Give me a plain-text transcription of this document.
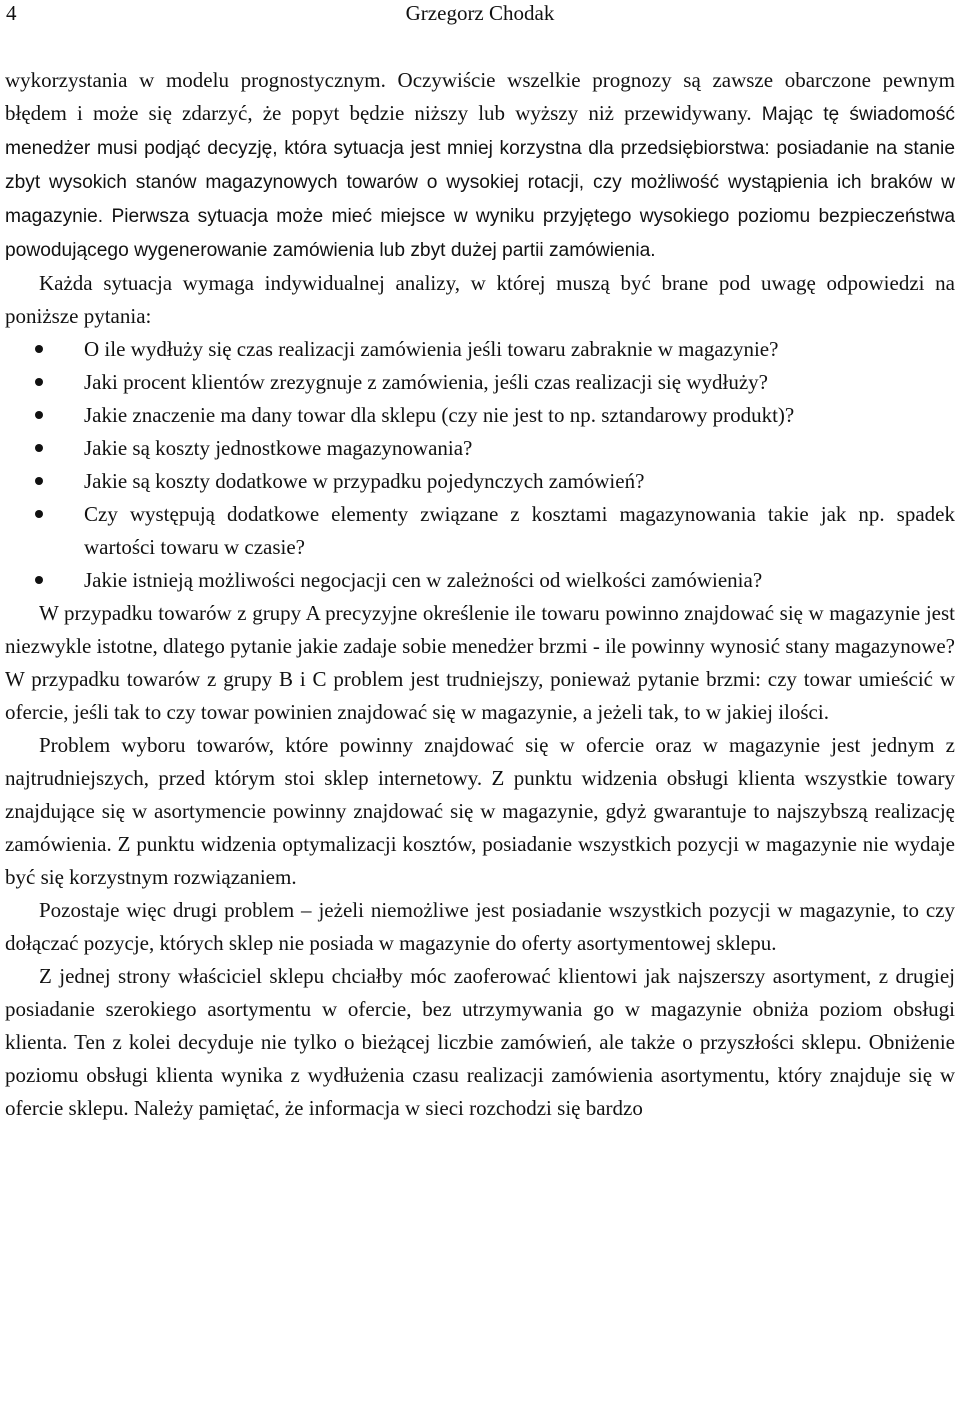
4	Grzegorz Chodak

wykorzystania w modelu prognostycznym. Oczywiście wszelkie prognozy są zawsze obarczone pewnym błędem i może się zdarzyć, że popyt będzie niższy lub wyższy niż przewidywany. Mając tę świadomość menedżer musi podjąć decyzję, która sytuacja jest mniej korzystna dla przedsiębiorstwa: posiadanie na stanie zbyt wysokich stanów magazynowych towarów o wysokiej rotacji, czy możliwość wystąpienia ich braków w magazynie. Pierwsza sytuacja może mieć miejsce w wyniku przyjętego wysokiego poziomu bezpieczeństwa powodującego wygenerowanie zamówienia lub zbyt dużej partii zamówienia.

Każda sytuacja wymaga indywidualnej analizy, w której muszą być brane pod uwagę odpowiedzi na poniższe pytania:

O ile wydłuży się czas realizacji zamówienia jeśli towaru zabraknie w magazynie?
Jaki procent klientów zrezygnuje z zamówienia, jeśli czas realizacji się wydłuży?
Jakie znaczenie ma dany towar dla sklepu (czy nie jest to np. sztandarowy produkt)?
Jakie są koszty jednostkowe magazynowania?
Jakie są koszty dodatkowe w przypadku pojedynczych zamówień?
Czy występują dodatkowe elementy związane z kosztami magazynowania takie jak np. spadek wartości towaru w czasie?
Jakie istnieją możliwości negocjacji cen w zależności od wielkości zamówienia?

W przypadku towarów z grupy A precyzyjne określenie ile towaru powinno znajdować się w magazynie jest niezwykle istotne, dlatego pytanie jakie zadaje sobie menedżer brzmi - ile powinny wynosić stany magazynowe? W przypadku towarów z grupy B i C problem jest trudniejszy, ponieważ pytanie brzmi: czy towar umieścić w ofercie, jeśli tak to czy towar powinien znajdować się w magazynie, a jeżeli tak, to w jakiej ilości.

Problem wyboru towarów, które powinny znajdować się w ofercie oraz w magazynie jest jednym z najtrudniejszych, przed którym stoi sklep internetowy. Z punktu widzenia obsługi klienta wszystkie towary znajdujące się w asortymencie powinny znajdować się w magazynie, gdyż gwarantuje to najszybszą realizację zamówienia. Z punktu widzenia optymalizacji kosztów, posiadanie wszystkich pozycji w magazynie nie wydaje być się korzystnym rozwiązaniem.

Pozostaje więc drugi problem – jeżeli niemożliwe jest posiadanie wszystkich pozycji w magazynie, to czy dołączać pozycje, których sklep nie posiada w magazynie do oferty asortymentowej sklepu.

Z jednej strony właściciel sklepu chciałby móc zaoferować klientowi jak najszerszy asortyment, z drugiej posiadanie szerokiego asortymentu w ofercie, bez utrzymywania go w magazynie obniża poziom obsługi klienta. Ten z kolei decyduje nie tylko o bieżącej liczbie zamówień, ale także o przyszłości sklepu. Obniżenie poziomu obsługi klienta wynika z wydłużenia czasu realizacji zamówienia asortymentu, który znajduje się w ofercie sklepu. Należy pamiętać, że informacja w sieci rozchodzi się bardzo
